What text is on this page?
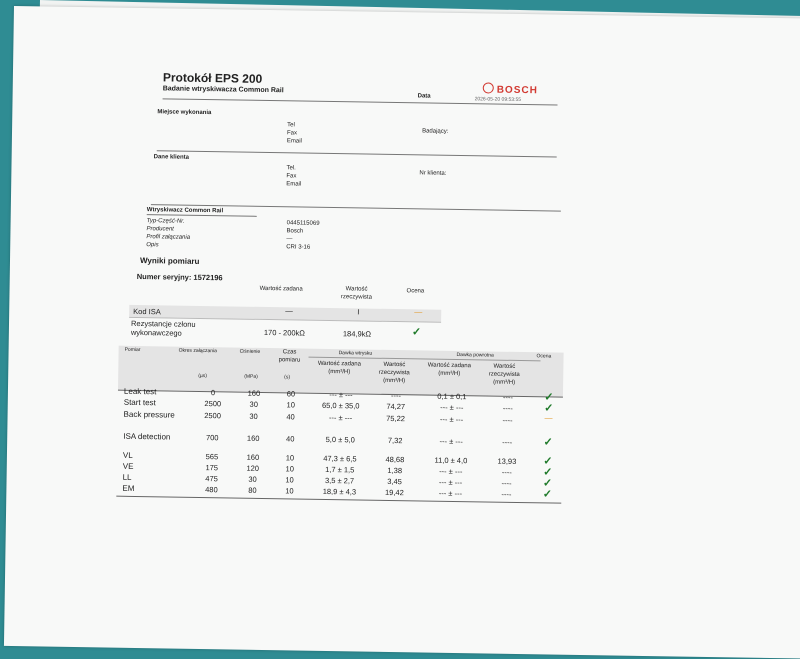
Protokół EPS 200
Badanie wtryskiwacza Common Rail
Data
BOSCH
2026-05-20 09:53:55
Miejsce wykonania
Tel
Fax
Email
Badający:
Dane klienta
Tel.
Fax
Email
Nr klienta:
Wtryskiwacz Common Rail
Typ-Część-Nr.	0445115069
Producent	Bosch
Profil załączania	—
Opis	CRI 3-16
Wyniki pomiaru
Numer seryjny: 1572196
Wartość zadana	Wartość rzeczywista
Ocena
Kod ISA	—	I	—
Rezystancje członu wykonawczego	170 - 200kΩ	184,9kΩ	✓
Pomiar	Okres załączania	Ciśnienie	Czas pomiaru
Dawka wtrysku	Dawka powrotna	Ocena
Wartość zadana (mm³/H)
Wartość rzeczywista (mm³/H)
Wartość zadana (mm³/H)
Wartość rzeczywista (mm³/H)
(µs)	(MPa)	(s)
Leak test	0	160	60	--- ± ---	----	0,1 ± 0,1	----	✓
Start test	2500	30	10	65,0 ± 35,0	74,27	--- ± ---	----	✓
Back pressure	2500	30	40	--- ± ---	75,22	--- ± ---	----	—
ISA detection	700	160	40	5,0 ± 5,0	7,32	--- ± ---	----	✓
VL	565	160	10	47,3 ± 6,5	48,68	11,0 ± 4,0	13,93	✓
VE	175	120	10	1,7 ± 1,5	1,38	--- ± ---	----	✓
LL	475	30	10	3,5 ± 2,7	3,45	--- ± ---	----	✓
EM	480	80	10	18,9 ± 4,3	19,42	--- ± ---	----	✓
